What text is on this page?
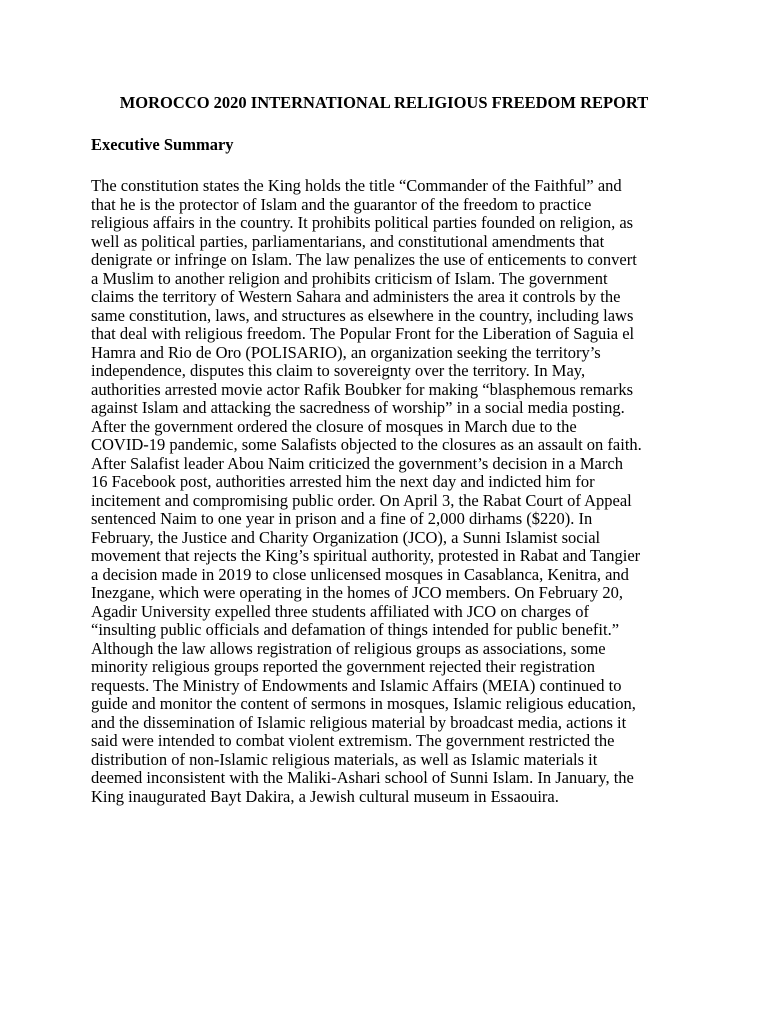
MOROCCO 2020 INTERNATIONAL RELIGIOUS FREEDOM REPORT
Executive Summary

The constitution states the King holds the title “Commander of the Faithful” and
that he is the protector of Islam and the guarantor of the freedom to practice
religious affairs in the country. It prohibits political parties founded on religion, as
well as political parties, parliamentarians, and constitutional amendments that
denigrate or infringe on Islam. The law penalizes the use of enticements to convert
a Muslim to another religion and prohibits criticism of Islam. The government
claims the territory of Western Sahara and administers the area it controls by the
same constitution, laws, and structures as elsewhere in the country, including laws
that deal with religious freedom. The Popular Front for the Liberation of Saguia el
Hamra and Rio de Oro (POLISARIO), an organization seeking the territory’s
independence, disputes this claim to sovereignty over the territory. In May,
authorities arrested movie actor Rafik Boubker for making “blasphemous remarks
against Islam and attacking the sacredness of worship” in a social media posting.
After the government ordered the closure of mosques in March due to the
COVID-19 pandemic, some Salafists objected to the closures as an assault on faith.
After Salafist leader Abou Naim criticized the government’s decision in a March
16 Facebook post, authorities arrested him the next day and indicted him for
incitement and compromising public order. On April 3, the Rabat Court of Appeal
sentenced Naim to one year in prison and a fine of 2,000 dirhams ($220). In
February, the Justice and Charity Organization (JCO), a Sunni Islamist social
movement that rejects the King’s spiritual authority, protested in Rabat and Tangier
a decision made in 2019 to close unlicensed mosques in Casablanca, Kenitra, and
Inezgane, which were operating in the homes of JCO members. On February 20,
Agadir University expelled three students affiliated with JCO on charges of
“insulting public officials and defamation of things intended for public benefit.”
Although the law allows registration of religious groups as associations, some
minority religious groups reported the government rejected their registration
requests. The Ministry of Endowments and Islamic Affairs (MEIA) continued to
guide and monitor the content of sermons in mosques, Islamic religious education,
and the dissemination of Islamic religious material by broadcast media, actions it
said were intended to combat violent extremism. The government restricted the
distribution of non-Islamic religious materials, as well as Islamic materials it
deemed inconsistent with the Maliki-Ashari school of Sunni Islam. In January, the
King inaugurated Bayt Dakira, a Jewish cultural museum in Essaouira.
